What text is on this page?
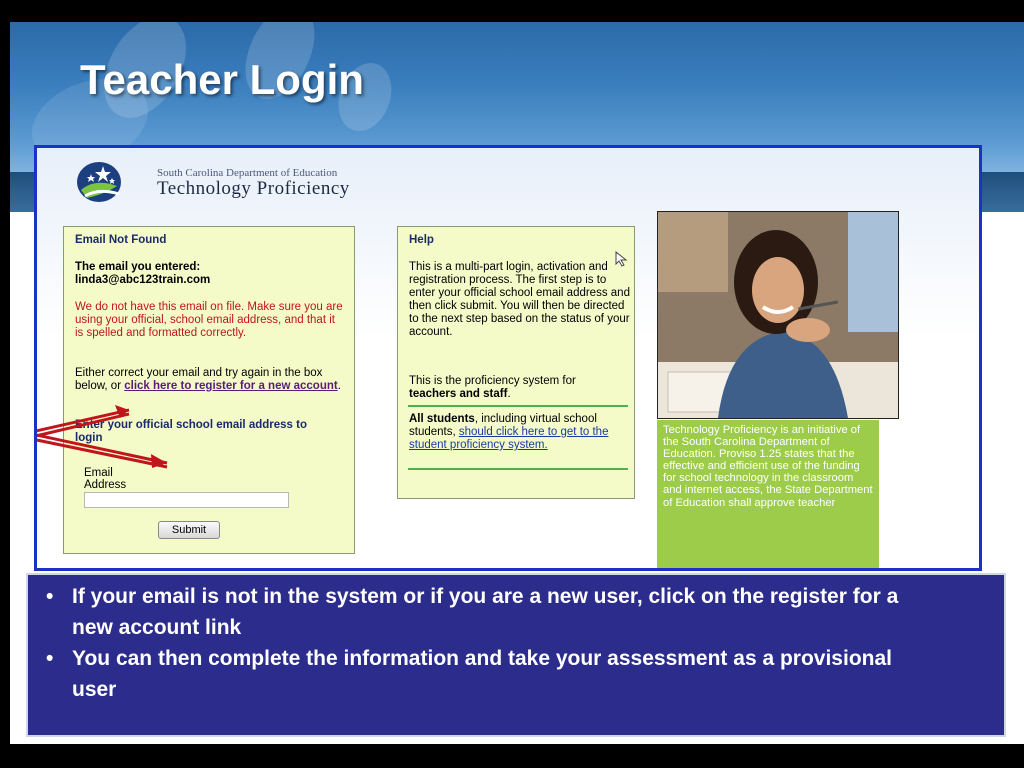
Teacher Login
South Carolina Department of Education
Technology Proficiency
Email Not Found
The email you entered:
linda3@abc123train.com
We do not have this email on file. Make sure you are using your official, school email address, and that it is spelled and formatted correctly.
Either correct your email and try again in the box below, or click here to register for a new account.
Enter your official school email address to login
Email
Address
Submit
Help
This is a multi-part login, activation and registration process. The first step is to enter your official school email address and then click submit. You will then be directed to the next step based on the status of your account.
This is the proficiency system for teachers and staff.
All students, including virtual school students, should click here to get to the student proficiency system.
Technology Proficiency is an initiative of the South Carolina Department of Education. Proviso 1.25 states that the effective and efficient use of the funding for school technology in the classroom and internet access, the State Department of Education shall approve teacher

• If your email is not in the system or if you are a new user, click on the register for a new account link

• You can then complete the information and take your assessment as a provisional user
